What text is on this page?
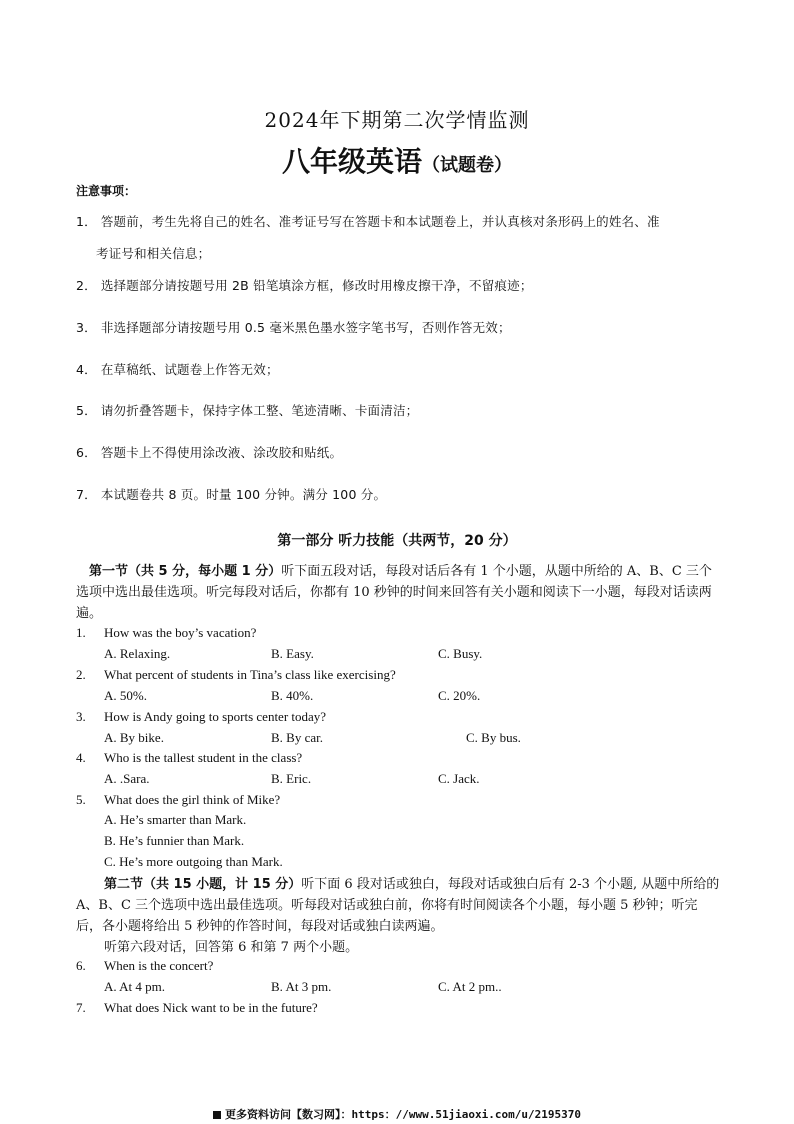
2024年下期第二次学情监测
八年级英语（试题卷）
注意事项：
1． 答题前，考生先将自己的姓名、准考证号写在答题卡和本试题卷上，并认真核对条形码上的姓名、准
考证号和相关信息；
2． 选择题部分请按题号用 2B 铅笔填涂方框，修改时用橡皮擦干净，不留痕迹；
3． 非选择题部分请按题号用 0.5 毫米黑色墨水签字笔书写，否则作答无效；
4． 在草稿纸、试题卷上作答无效；
5． 请勿折叠答题卡，保持字体工整、笔迹清晰、卡面清洁；
6． 答题卡上不得使用涂改液、涂改胶和贴纸。
7． 本试题卷共 8 页。时量 100 分钟。满分 100 分。
第一部分 听力技能（共两节，20 分）
第一节（共 5 分，每小题 1 分）听下面五段对话，每段对话后各有 1 个小题，从题中所给的 A、B、C 三个选项中选出最佳选项。听完每段对话后，你都有 10 秒钟的时间来回答有关小题和阅读下一小题，每段对话读两遍。
1. How was the boy’s vacation?
A. Relaxing.	B. Easy.	C. Busy.
2. What percent of students in Tina’s class like exercising?
A. 50%.	B. 40%.	C. 20%.
3. How is Andy going to sports center today?
A. By bike.	B. By car.	C. By bus.
4. Who is the tallest student in the class?
A. .Sara.	B. Eric.	C. Jack.
5. What does the girl think of Mike?
A. He’s smarter than Mark.
B. He’s funnier than Mark.
C. He’s more outgoing than Mark.
第二节（共 15 小题，计 15 分）听下面 6 段对话或独白，每段对话或独白后有 2-3 个小题, 从题中所给的 A、B、C 三个选项中选出最佳选项。听每段对话或独白前，你将有时间阅读各个小题，每小题 5 秒钟；听完后，各小题将给出 5 秒钟的作答时间，每段对话或独白读两遍。
听第六段对话，回答第 6 和第 7 两个小题。
6. When is the concert?
A. At 4 pm.	B. At 3 pm.	C. At 2 pm..
7. What does Nick want to be in the future?
更多资料访问【数习网】：https：//www.51jiaoxi.com/u/2195370
